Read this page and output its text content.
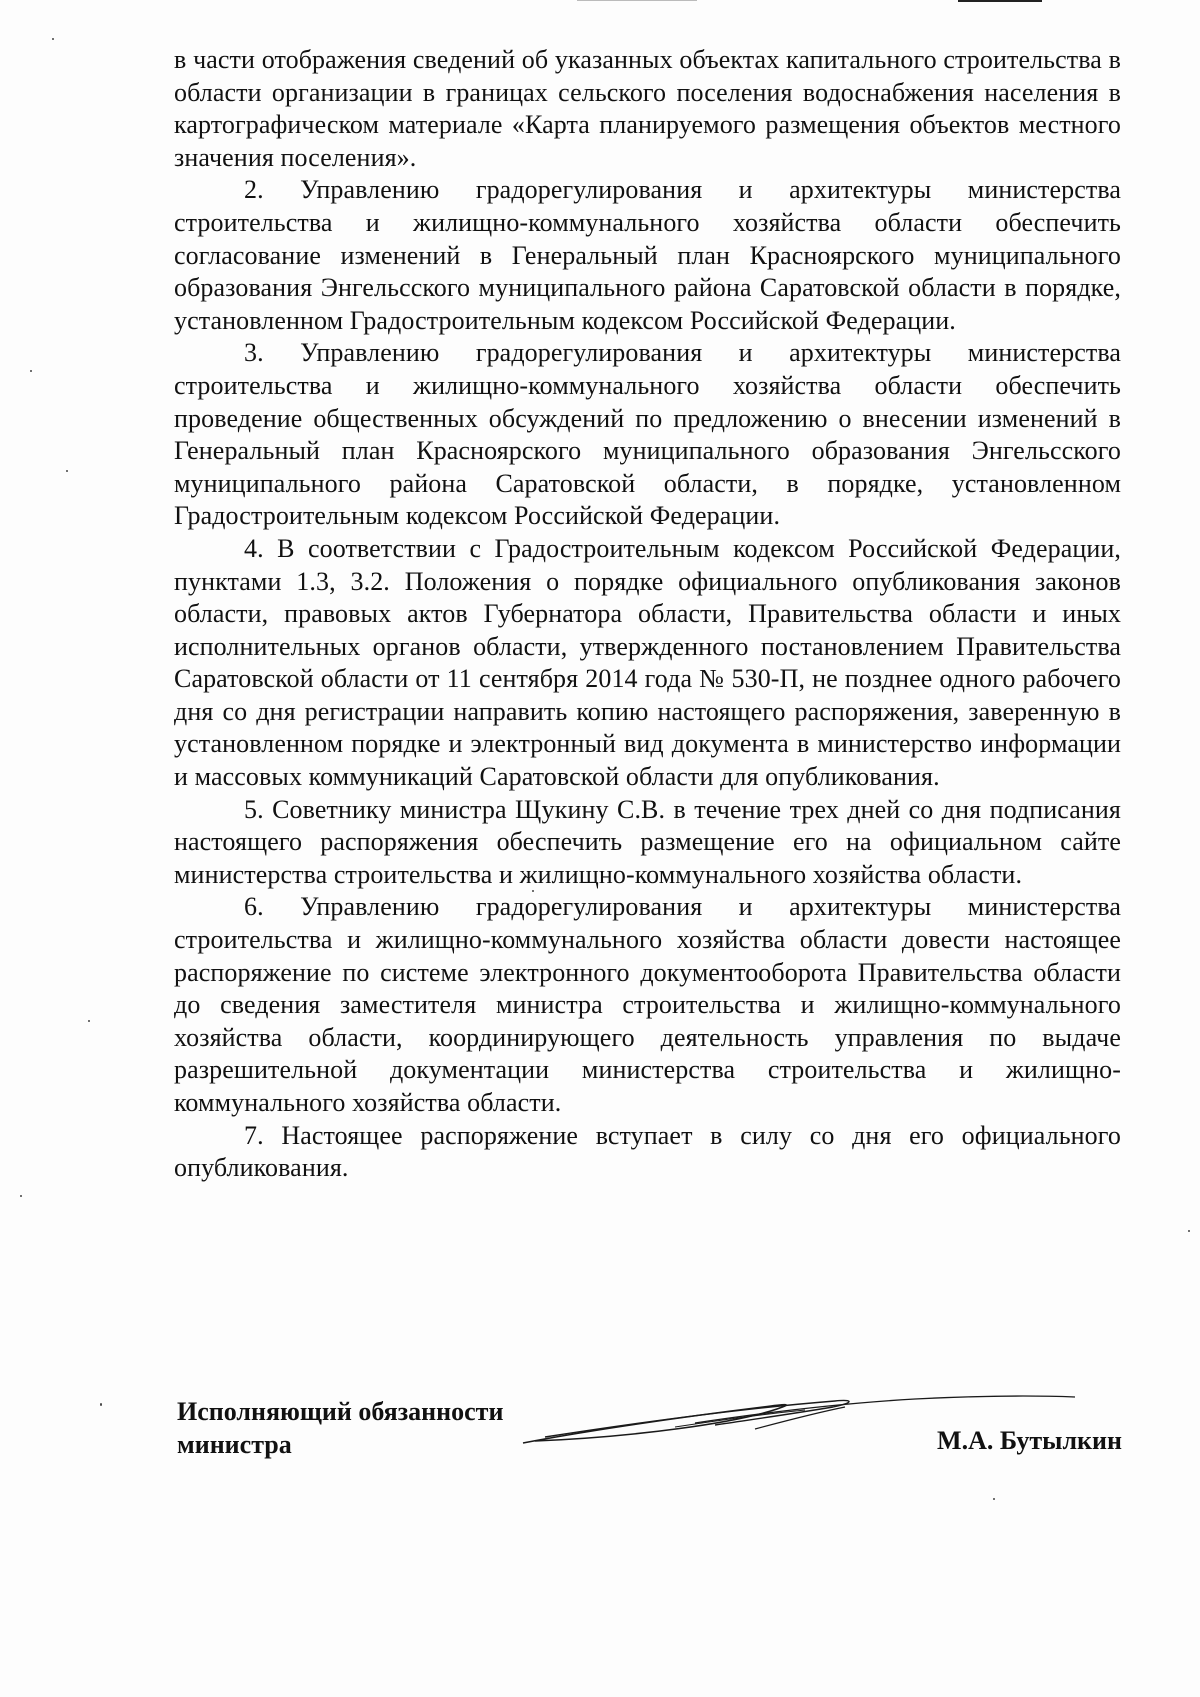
в части отображения сведений об указанных объектах капитального строительства в области организации в границах сельского поселения водоснабжения населения в картографическом материале «Карта планируемого размещения объектов местного значения поселения».

2. Управлению градорегулирования и архитектуры министерства строительства и жилищно-коммунального хозяйства области обеспечить согласование изменений в Генеральный план Красноярского муниципального образования Энгельсского муниципального района Саратовской области в порядке, установленном Градостроительным кодексом Российской Федерации.

3. Управлению градорегулирования и архитектуры министерства строительства и жилищно-коммунального хозяйства области обеспечить проведение общественных обсуждений по предложению о внесении изменений в Генеральный план Красноярского муниципального образования Энгельсского муниципального района Саратовской области, в порядке, установленном Градостроительным кодексом Российской Федерации.

4. В соответствии с Градостроительным кодексом Российской Федерации, пунктами 1.3, 3.2. Положения о порядке официального опубликования законов области, правовых актов Губернатора области, Правительства области и иных исполнительных органов области, утвержденного постановлением Правительства Саратовской области от 11 сентября 2014 года № 530-П, не позднее одного рабочего дня со дня регистрации направить копию настоящего распоряжения, заверенную в установленном порядке и электронный вид документа в министерство информации и массовых коммуникаций Саратовской области для опубликования.

5. Советнику министра Щукину С.В. в течение трех дней со дня подписания настоящего распоряжения обеспечить размещение его на официальном сайте министерства строительства и жилищно-коммунального хозяйства области.

6. Управлению градорегулирования и архитектуры министерства строительства и жилищно-коммунального хозяйства области довести настоящее распоряжение по системе электронного документооборота Правительства области до сведения заместителя министра строительства и жилищно-коммунального хозяйства области, координирующего деятельность управления по выдаче разрешительной документации министерства строительства и жилищно-коммунального хозяйства области.

7. Настоящее распоряжение вступает в силу со дня его официального опубликования.

Исполняющий обязанности
министра	М.А. Бутылкин
